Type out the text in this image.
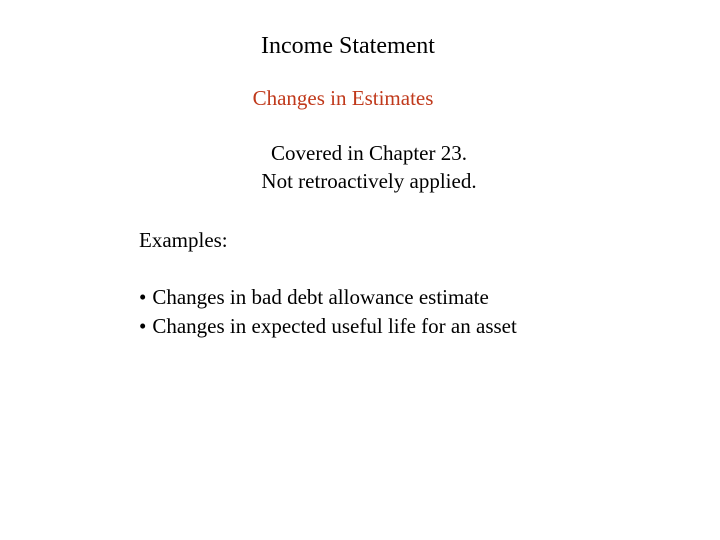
Income Statement
Changes in Estimates
Covered in Chapter 23.
Not retroactively applied.
Examples:
• Changes in bad debt allowance estimate
• Changes in expected useful life for an asset
